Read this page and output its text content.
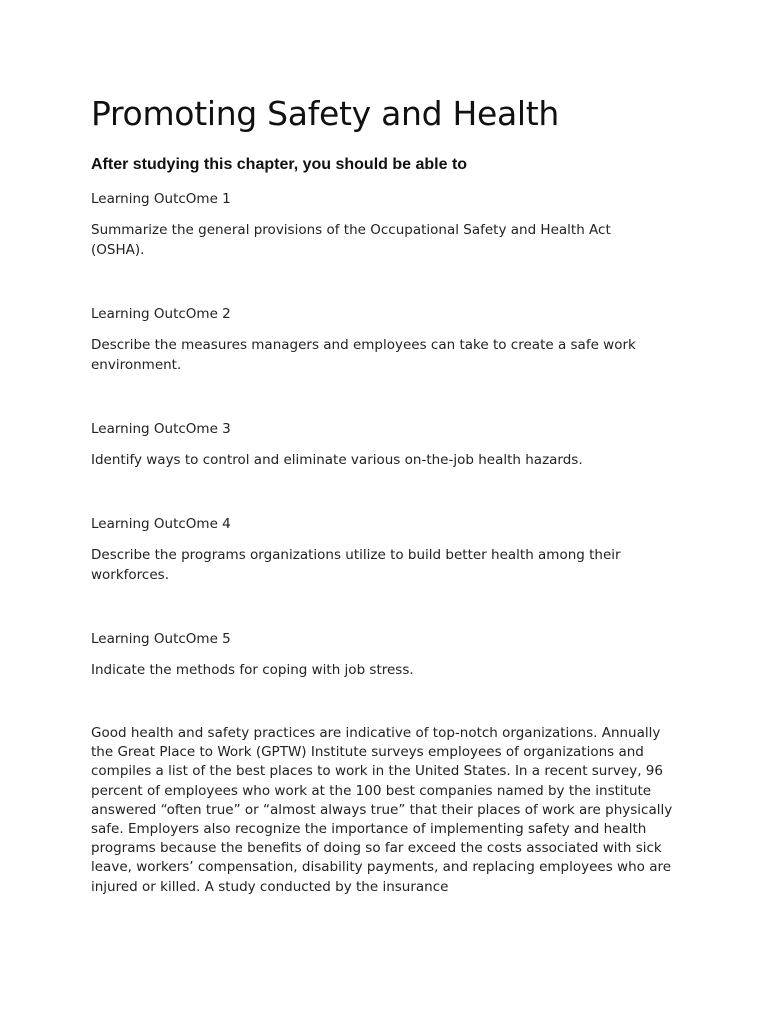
Promoting Safety and Health
After studying this chapter, you should be able to

Learning OutcOme 1

Summarize the general provisions of the Occupational Safety and Health Act (OSHA).

Learning OutcOme 2

Describe the measures managers and employees can take to create a safe work environment.

Learning OutcOme 3

Identify ways to control and eliminate various on-the-job health hazards.

Learning OutcOme 4

Describe the programs organizations utilize to build better health among their workforces.

Learning OutcOme 5

Indicate the methods for coping with job stress.

Good health and safety practices are indicative of top-notch organizations. Annually the Great Place to Work (GPTW) Institute surveys employees of organizations and compiles a list of the best places to work in the United States. In a recent survey, 96 percent of employees who work at the 100 best companies named by the institute answered “often true” or “almost always true” that their places of work are physically safe. Employers also recognize the importance of implementing safety and health programs because the benefits of doing so far exceed the costs associated with sick leave, workers’ compensation, disability payments, and replacing employees who are injured or killed. A study conducted by the insurance
